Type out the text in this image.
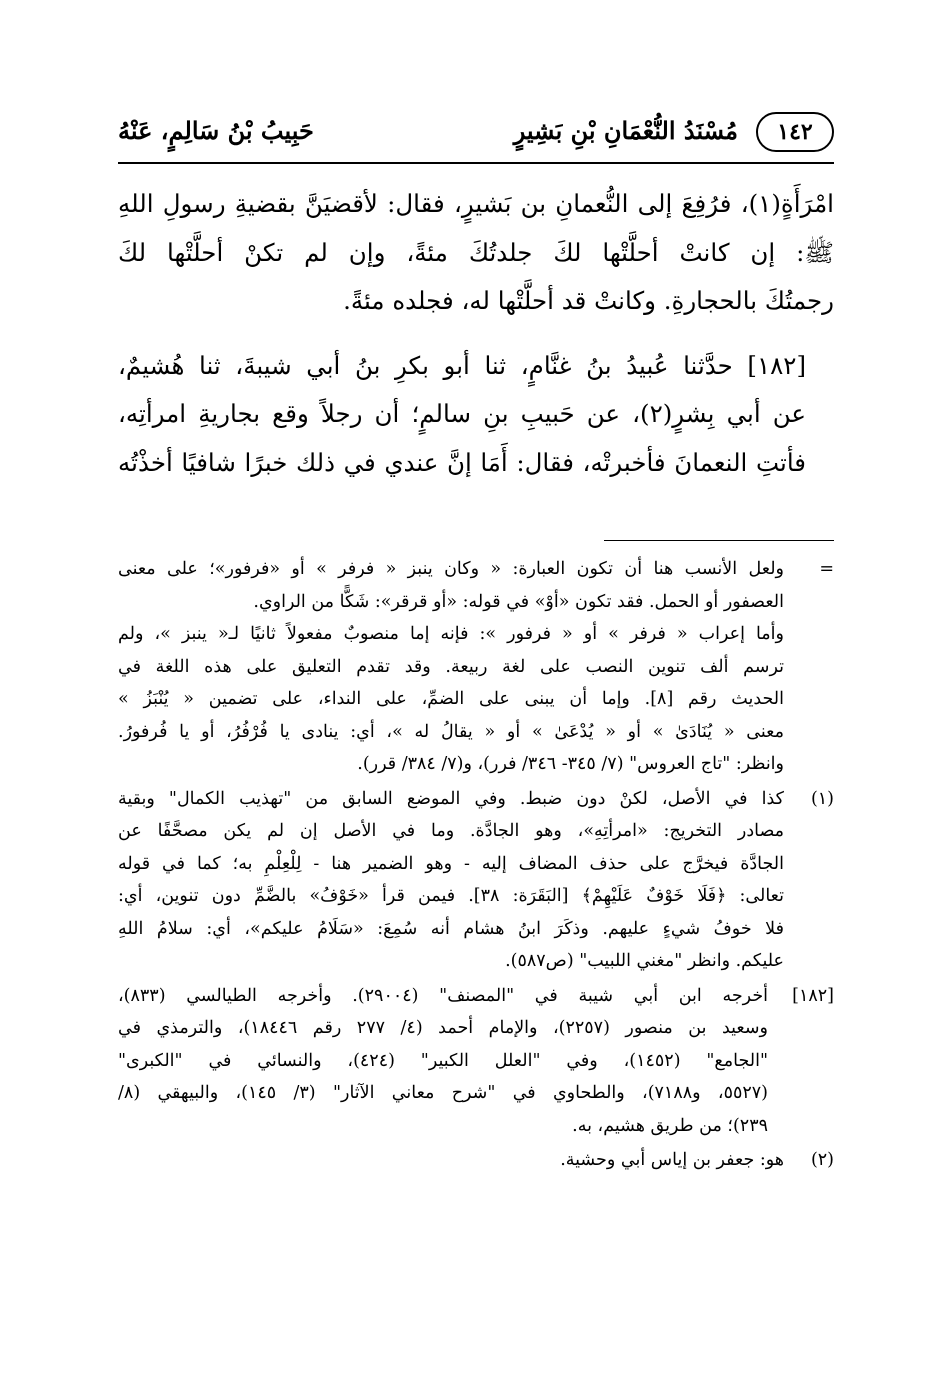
١٤٢
مُسْنَدُ النُّعْمَانِ بْنِ بَشِيرٍ
حَبِيبُ بْنُ سَالِمٍ، عَنْهُ

امْرَأَةٍ(١)، فرُفِعَ إلى النُّعمانِ بن بَشيرٍ، فقال: لأقضيَنَّ بقضيةِ رسولِ اللهِ
ﷺ: إن كانتْ أحلَّتْها لكَ جلدتُكَ مئةً، وإن لم تكنْ أحلَّتْها لكَ
رجمتُكَ بالحجارةِ. وكانتْ قد أحلَّتْها له، فجلده مئةً.

[١٨٢] حدَّثنا عُبيدُ بنُ غنَّامٍ، ثنا أبو بكرِ بنُ أبي شيبةَ، ثنا هُشيمٌ،
عن أبي بِشرٍ(٢)، عن حَبيبِ بنِ سالمٍ؛ أن رجلاً وقع بجاريةِ امرأتِه،
فأتتِ النعمانَ فأخبرتْه، فقال: أَمَا إنَّ عندي في ذلك خبرًا شافيًا أخذْتُه

=
ولعل الأنسب هنا أن تكون العبارة: « وكان ينبز « فرفر » أو «فرفور»؛ على معنى
العصفور أو الحمل. فقد تكون «أوْ» في قوله: «أو قرقر»: شَكًّا من الراوي.
وأما إعراب « فرفر » أو « فرفور »: فإنه إما منصوبٌ مفعولاً ثانيًا لـ« ينبز »، ولم
ترسم ألف تنوين النصب على لغة ربيعة. وقد تقدم التعليق على هذه اللغة في
الحديث رقم [٨]. وإما أن يبنى على الضمِّ، على النداء، على تضمين « يُنْبَزُ »
معنى « يُنَادَىٰ » أو « يُدْعَىٰ » أو « يقالُ له »، أي: ينادى يا فُرْفُرُ، أو يا فُرفورُ.
وانظر: "تاج العروس" (٧/ ٣٤٥- ٣٤٦/ فرر)، و(٧/ ٣٨٤/ قرر).
(١)
كذا في الأصل، لكنْ دون ضبط. وفي الموضع السابق من "تهذيب الكمال" وبقية
مصادر التخريج: «امرأتِهِ»، وهو الجادَّة. وما في الأصل إن لم يكن مصحَّفًا عن
الجادَّة فيخرَّج على حذف المضاف إليه - وهو الضمير هنا - لِلْعِلْمِ به؛ كما في قوله
تعالى: ﴿فَلَا خَوْفٌ عَلَيْهِمْ﴾ [البَقَرَة: ٣٨]. فيمن قرأ «خَوْفُ» بالضَّمِّ دون تنوين، أي:
فلا خوفُ شيءٍ عليهم. وذكَرَ ابنُ هشام أنه سُمِعَ: «سَلَامُ عليكم»، أي: سلامُ اللهِ
عليكم. وانظر "مغني اللبيب" (ص٥٨٧).
[١٨٢]
أخرجه ابن أبي شيبة في "المصنف" (٢٩٠٠٤). وأخرجه الطيالسي (٨٣٣)،
وسعيد بن منصور (٢٢٥٧)، والإمام أحمد (٤/ ٢٧٧ رقم ١٨٤٤٦)، والترمذي في
"الجامع" (١٤٥٢)، وفي "العلل الكبير" (٤٢٤)، والنسائي في "الكبرى"
(٥٥٢٧، و٧١٨٨)، والطحاوي في "شرح معاني الآثار" (٣/ ١٤٥)، والبيهقي (٨/
٢٣٩)؛ من طريق هشيم، به.
(٢)
هو: جعفر بن إياس أبي وحشية.
